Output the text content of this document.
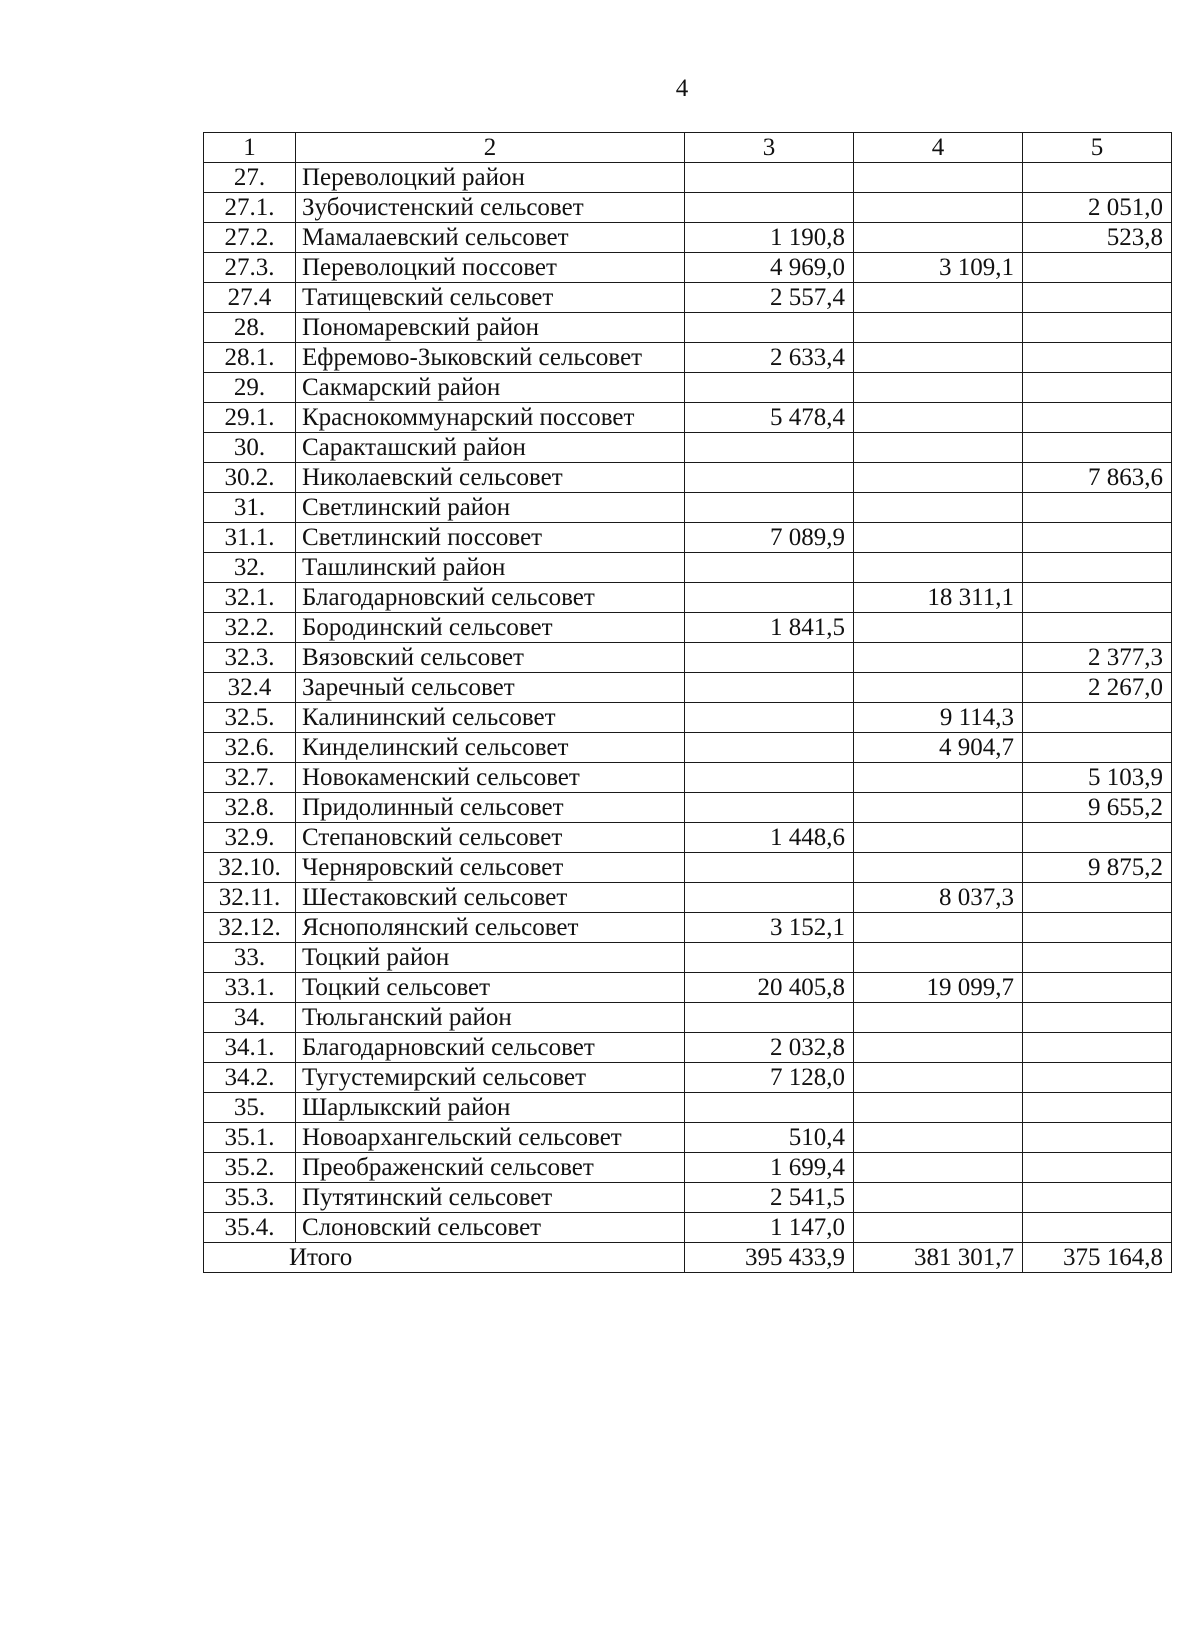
4
1	2	3	4	5
27.	Переволоцкий район			
27.1.	Зубочистенский сельсовет			2 051,0
27.2.	Мамалаевский сельсовет	1 190,8		523,8
27.3.	Переволоцкий поссовет	4 969,0	3 109,1	
27.4	Татищевский сельсовет	2 557,4		
28.	Пономаревский район			
28.1.	Ефремово-Зыковский сельсовет	2 633,4		
29.	Сакмарский район			
29.1.	Краснокоммунарский поссовет	5 478,4		
30.	Саракташский район			
30.2.	Николаевский сельсовет			7 863,6
31.	Светлинский район			
31.1.	Светлинский поссовет	7 089,9		
32.	Ташлинский район			
32.1.	Благодарновский сельсовет		18 311,1	
32.2.	Бородинский сельсовет	1 841,5		
32.3.	Вязовский сельсовет			2 377,3
32.4	Заречный сельсовет			2 267,0
32.5.	Калининский сельсовет		9 114,3	
32.6.	Кинделинский сельсовет		4 904,7	
32.7.	Новокаменский сельсовет			5 103,9
32.8.	Придолинный сельсовет			9 655,2
32.9.	Степановский сельсовет	1 448,6		
32.10.	Черняровский сельсовет			9 875,2
32.11.	Шестаковский сельсовет		8 037,3	
32.12.	Яснополянский сельсовет	3 152,1		
33.	Тоцкий район			
33.1.	Тоцкий сельсовет	20 405,8	19 099,7	
34.	Тюльганский район			
34.1.	Благодарновский сельсовет	2 032,8		
34.2.	Тугустемирский сельсовет	7 128,0		
35.	Шарлыкский район			
35.1.	Новоархангельский сельсовет	510,4		
35.2.	Преображенский сельсовет	1 699,4		
35.3.	Путятинский сельсовет	2 541,5		
35.4.	Слоновский сельсовет	1 147,0		
Итого		395 433,9	381 301,7	375 164,8
